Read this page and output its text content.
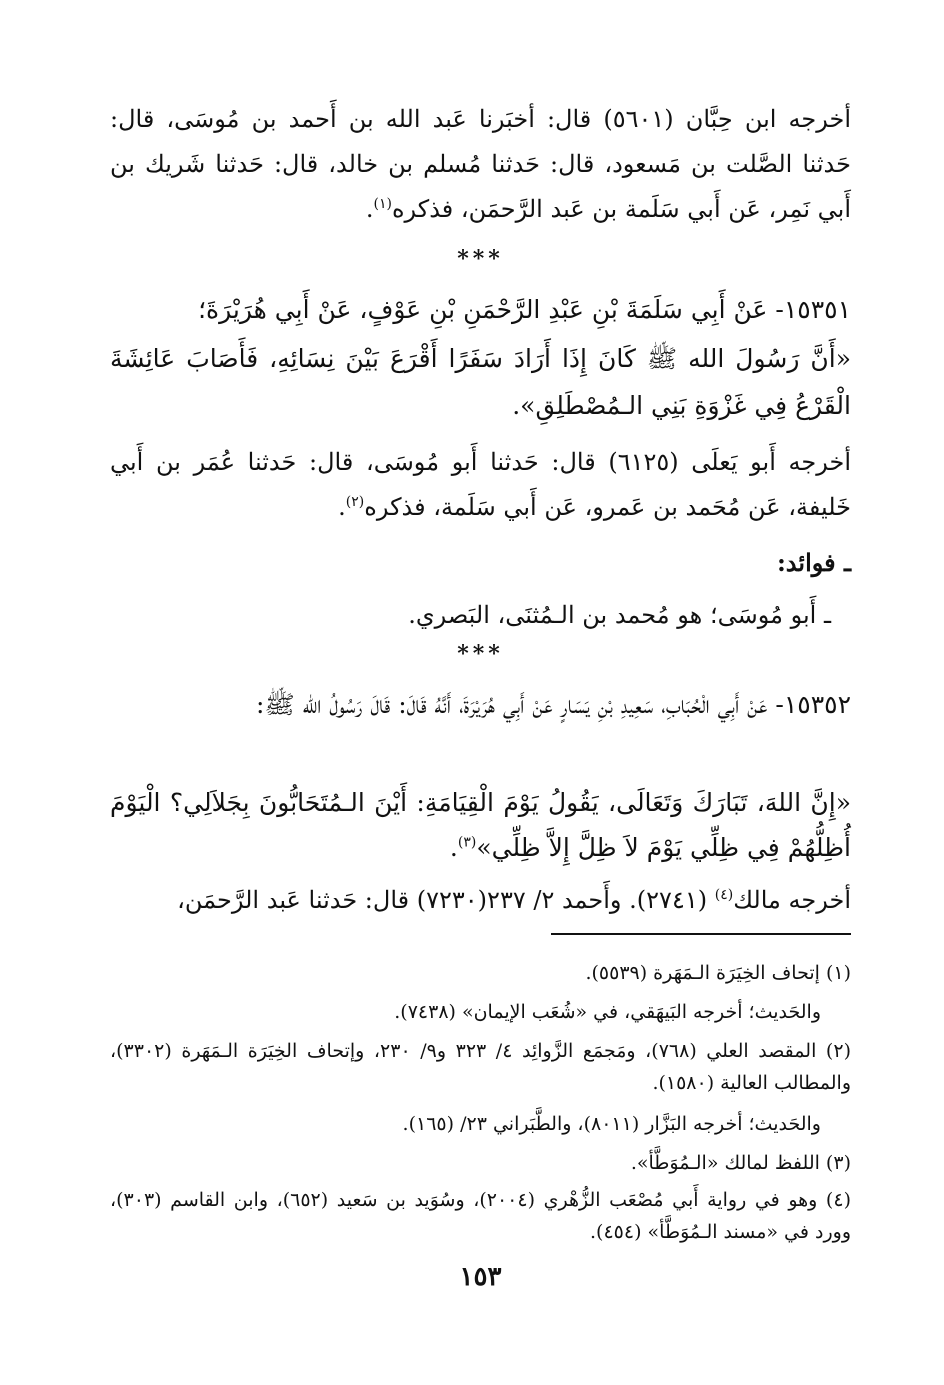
أخرجه ابن حِبَّان (٥٦٠١) قال: أخبَرنا عَبد الله بن أَحمد بن مُوسَى، قال: حَدثنا الصَّلت بن مَسعود، قال: حَدثنا مُسلم بن خالد، قال: حَدثنا شَريك بن أَبي نَمِر، عَن أَبي سَلَمة بن عَبد الرَّحمَن، فذكره$^{(١)}$.

***

١٥٣٥١- عَنْ أَبِي سَلَمَةَ بْنِ عَبْدِ الرَّحْمَنِ بْنِ عَوْفٍ، عَنْ أَبِي هُرَيْرَةَ؛

«أَنَّ رَسُولَ الله ﷺ كَانَ إِذَا أَرَادَ سَفَرًا أَقْرَعَ بَيْنَ نِسَائِهِ، فَأَصَابَ عَائِشَةَ الْقَرْعُ فِي غَزْوَةِ بَنِي الـمُصْطَلِقِ».

أخرجه أَبو يَعلَى (٦١٢٥) قال: حَدثنا أَبو مُوسَى، قال: حَدثنا عُمَر بن أَبي خَليفة، عَن مُحَمد بن عَمرو، عَن أَبي سَلَمة، فذكره$^{(٢)}$.

ـ فوائد:

ـ أَبو مُوسَى؛ هو مُحمد بن الـمُثنَى، البَصري.

***

١٥٣٥٢- عَنْ أَبِي الْحُبَابِ، سَعِيدِ بْنِ يَسَارٍ عَنْ أَبِي هُرَيْرَةَ، أَنَّهُ قَالَ: قَالَ رَسُولُ الله ﷺ:

«إِنَّ اللهَ، تَبَارَكَ وَتَعَالَى، يَقُولُ يَوْمَ الْقِيَامَةِ: أَيْنَ الـمُتَحَابُّونَ بِجَلاَلِي؟ الْيَوْمَ أُظِلُّهُمْ فِي ظِلِّي يَوْمَ لاَ ظِلَّ إِلاَّ ظِلِّي»$^{(٣)}$.

أخرجه مالك$^{(٤)}$ (٢٧٤١). وأَحمد ٢/ ٢٣٧(٧٢٣٠) قال: حَدثنا عَبد الرَّحمَن،

(١) إتحاف الخِيَرَة الـمَهَرة (٥٥٣٩).

والحَديث؛ أخرجه البَيهَقي، في «شُعَب الإيمان» (٧٤٣٨).

(٢) المقصد العلي (٧٦٨)، ومَجمَع الزَّوائِد ٤/ ٣٢٣ و٩/ ٢٣٠، وإتحاف الخِيَرَة الـمَهَرة (٣٣٠٢)، والمطالب العالية (١٥٨٠).

والحَديث؛ أخرجه البَزَّار (٨٠١١)، والطَّبَراني ٢٣/ (١٦٥).

(٣) اللفظ لمالك «الـمُوَطَّأ».

(٤) وهو في رواية أَبي مُصْعَب الزُّهْري (٢٠٠٤)، وسُوَيد بن سَعيد (٦٥٢)، وابن القاسم (٣٠٣)، وورد في «مسند الـمُوَطَّأ» (٤٥٤).

١٥٣
